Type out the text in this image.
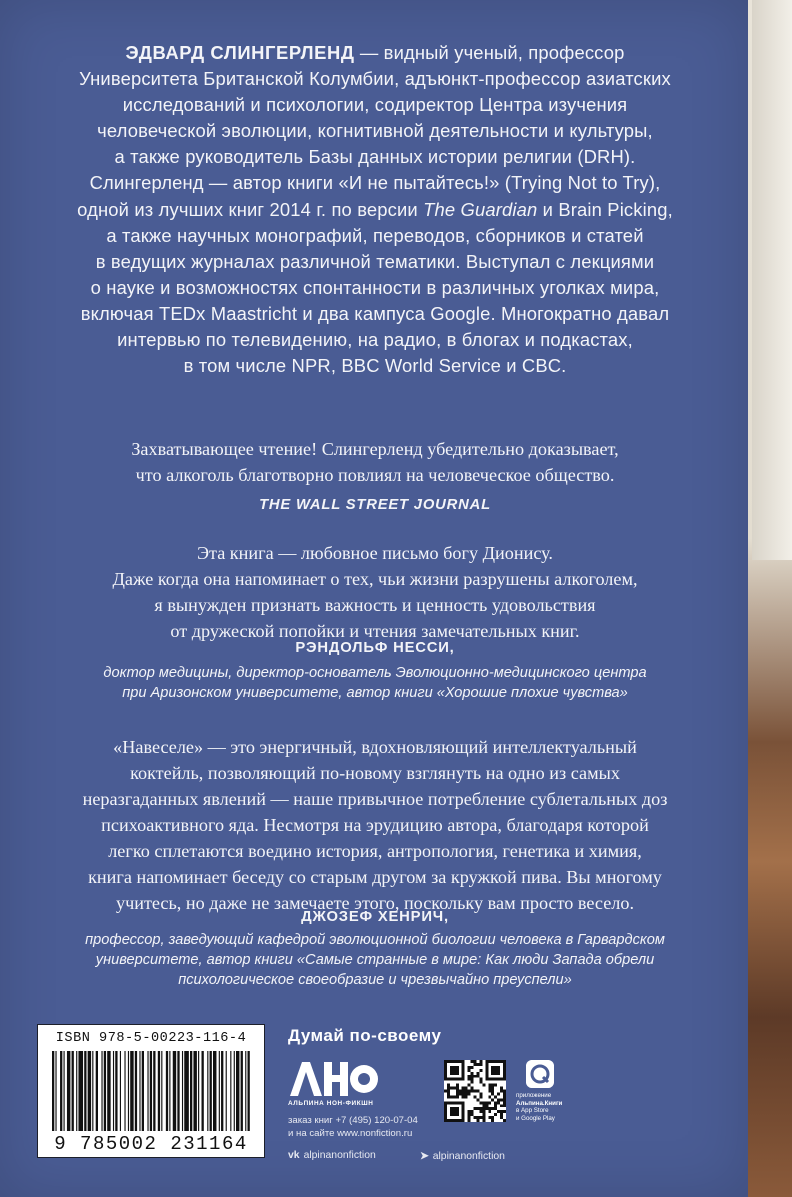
ЭДВАРД СЛИНГЕРЛЕНД — видный ученый, профессор
Университета Британской Колумбии, адъюнкт-профессор азиатских
исследований и психологии, содиректор Центра изучения
человеческой эволюции, когнитивной деятельности и культуры,
а также руководитель Базы данных истории религии (DRH).
Слингерленд — автор книги «И не пытайтесь!» (Trying Not to Try),
одной из лучших книг 2014 г. по версии The Guardian и Brain Picking,
а также научных монографий, переводов, сборников и статей
в ведущих журналах различной тематики. Выступал с лекциями
о науке и возможностях спонтанности в различных уголках мира,
включая TEDx Maastricht и два кампуса Google. Многократно давал
интервью по телевидению, на радио, в блогах и подкастах,
в том числе NPR, BBC World Service и CBC.
Захватывающее чтение! Слингерленд убедительно доказывает,
что алкоголь благотворно повлиял на человеческое общество.
THE WALL STREET JOURNAL
Эта книга — любовное письмо богу Дионису.
Даже когда она напоминает о тех, чьи жизни разрушены алкоголем,
я вынужден признать важность и ценность удовольствия
от дружеской попойки и чтения замечательных книг.
РЭНДОЛЬФ НЕССИ,
доктор медицины, директор-основатель Эволюционно-медицинского центра
при Аризонском университете, автор книги «Хорошие плохие чувства»
«Навеселе» — это энергичный, вдохновляющий интеллектуальный
коктейль, позволяющий по-новому взглянуть на одно из самых
неразгаданных явлений — наше привычное потребление сублетальных доз
психоактивного яда. Несмотря на эрудицию автора, благодаря которой
легко сплетаются воедино история, антропология, генетика и химия,
книга напоминает беседу со старым другом за кружкой пива. Вы многому
учитесь, но даже не замечаете этого, поскольку вам просто весело.
ДЖОЗЕФ ХЕНРИЧ,
профессор, заведующий кафедрой эволюционной биологии человека в Гарвардском
университете, автор книги «Самые странные в мире: Как люди Запада обрели
психологическое своеобразие и чрезвычайно преуспели»
ISBN 978-5-00223-116-4
9 785002 231164
Думай по-своему
АЛЬПИНА НОН-ФИКШН
заказ книг +7 (495) 120-07-04
и на сайте www.nonfiction.ru
vk alpinanonfiction	➤ alpinanonfiction
приложение
Альпина.Книги
в App Store
и Google Play
